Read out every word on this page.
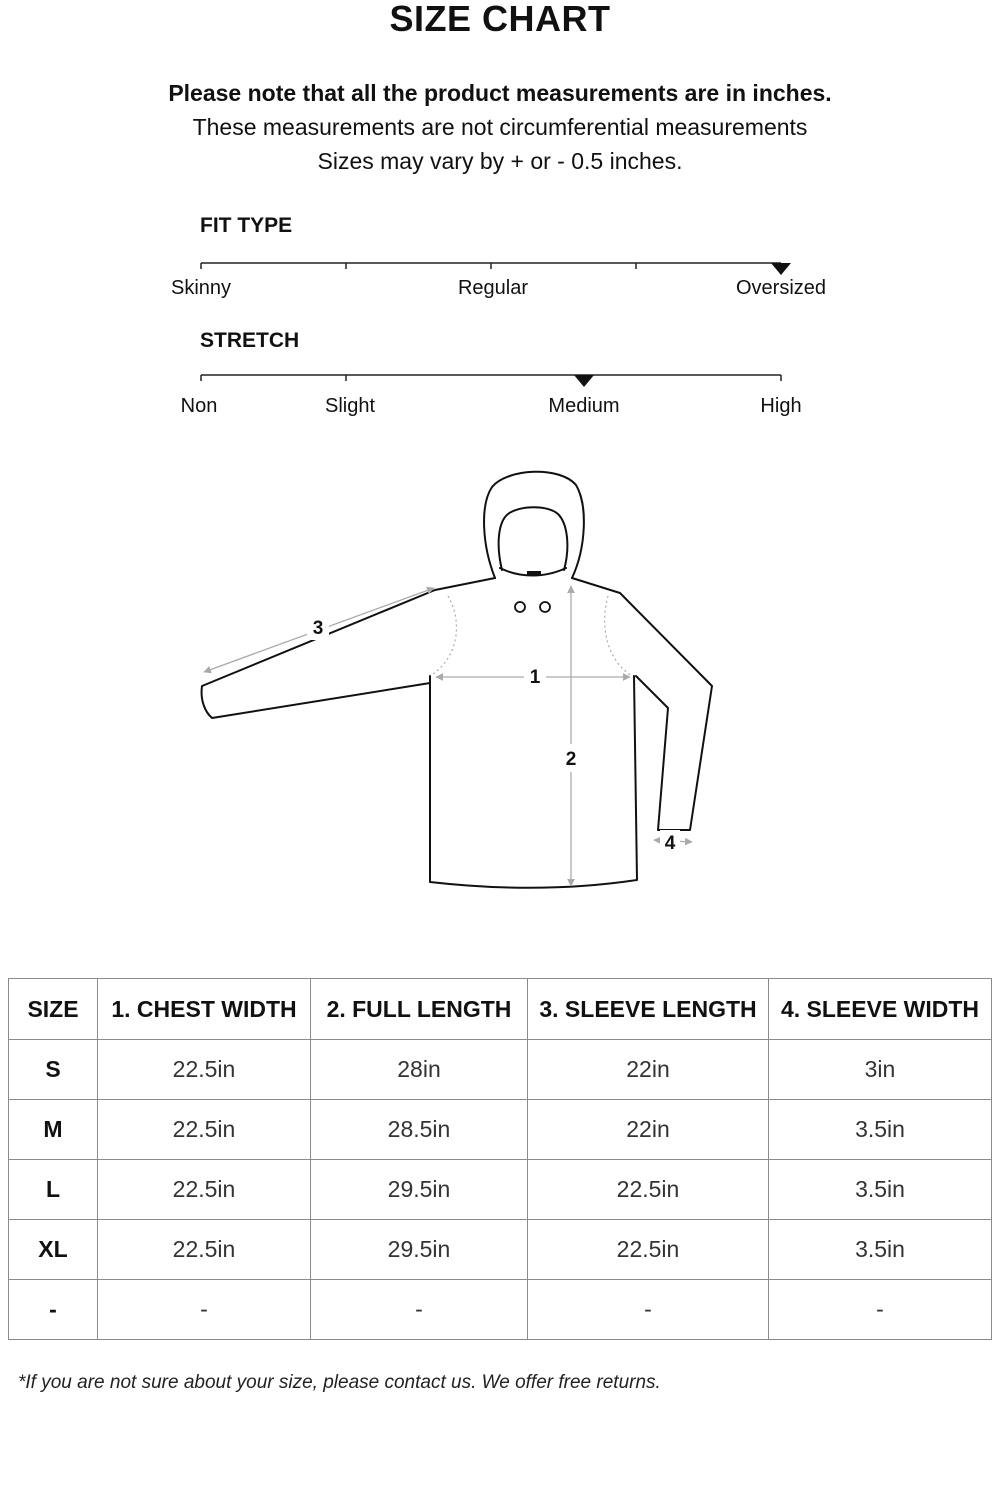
SIZE CHART
Please note that all the product measurements are in inches.
These measurements are not circumferential measurements
Sizes may vary by + or - 0.5 inches.
FIT TYPE
Skinny	Regular	Oversized
STRETCH
Non	Slight	Medium	High
1
2
3
4
SIZE	1. CHEST WIDTH	2. FULL LENGTH	3. SLEEVE LENGTH	4. SLEEVE WIDTH
S	22.5in	28in	22in	3in
M	22.5in	28.5in	22in	3.5in
L	22.5in	29.5in	22.5in	3.5in
XL	22.5in	29.5in	22.5in	3.5in
-	-	-	-	-
*If you are not sure about your size, please contact us. We offer free returns.
